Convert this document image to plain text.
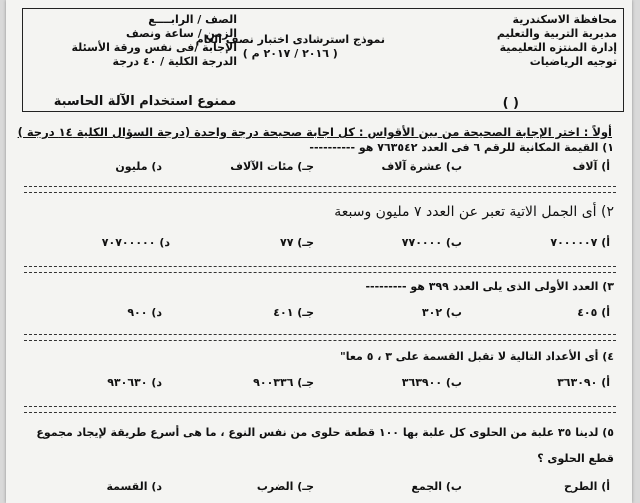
محافظة الاسكندرية
مديرية التربية والتعليم
إدارة المنتزه التعليمية
توجيه الرياضيات
نموذج استرشادى اختبار نصف العام
( ٢٠١٦ / ٢٠١٧ م )
الصف / الرابــــع
الزمن / ساعة ونصف
الإجابة /فى نفس ورقة الأسئلة
الدرجة الكلية / ٤٠ درجة
ممنوع استخدام الآلة الحاسبة	( )
أولاً : اختر الإجابة الصحيحة من بين الأقواس : كل اجابة صحيحة درجة واحدة (درجة السؤال الكلية ١٤ درجة )
١) القيمة المكانية للرقم ٦ فى العدد ٧٦٣٥٤٢ هو ----------
أ) آلاف
ب) عشرة آلاف
جـ) مئات الآلاف
د) مليون
٢) أى الجمل الاتية تعبر عن العدد ٧ مليون وسبعة
أ) ٧٠٠٠٠٠٧
ب) ٧٧٠٠٠٠
جـ) ٧٧
د) ٧٠٧٠٠٠٠٠
٣) العدد الأولى الذى يلى العدد ٣٩٩ هو ---------
أ) ٤٠٥
ب) ٣٠٢
جـ) ٤٠١
د) ٩٠٠
٤) أى الأعداد التالية لا تقبل القسمة على ٣ ، ٥ معا"
أ) ٣٦٣٠٩٠
ب) ٣٦٣٩٠٠
جـ) ٩٠٠٣٣٦
د) ٩٣٠٦٣٠
٥) لدينا ٣٥ علبة من الحلوى كل علبة بها ١٠٠ قطعة حلوى من نفس النوع ، ما هى أسرع طريقة لإيجاد مجموع
قطع الحلوى ؟
أ) الطرح
ب) الجمع
جـ) الضرب
د) القسمة
